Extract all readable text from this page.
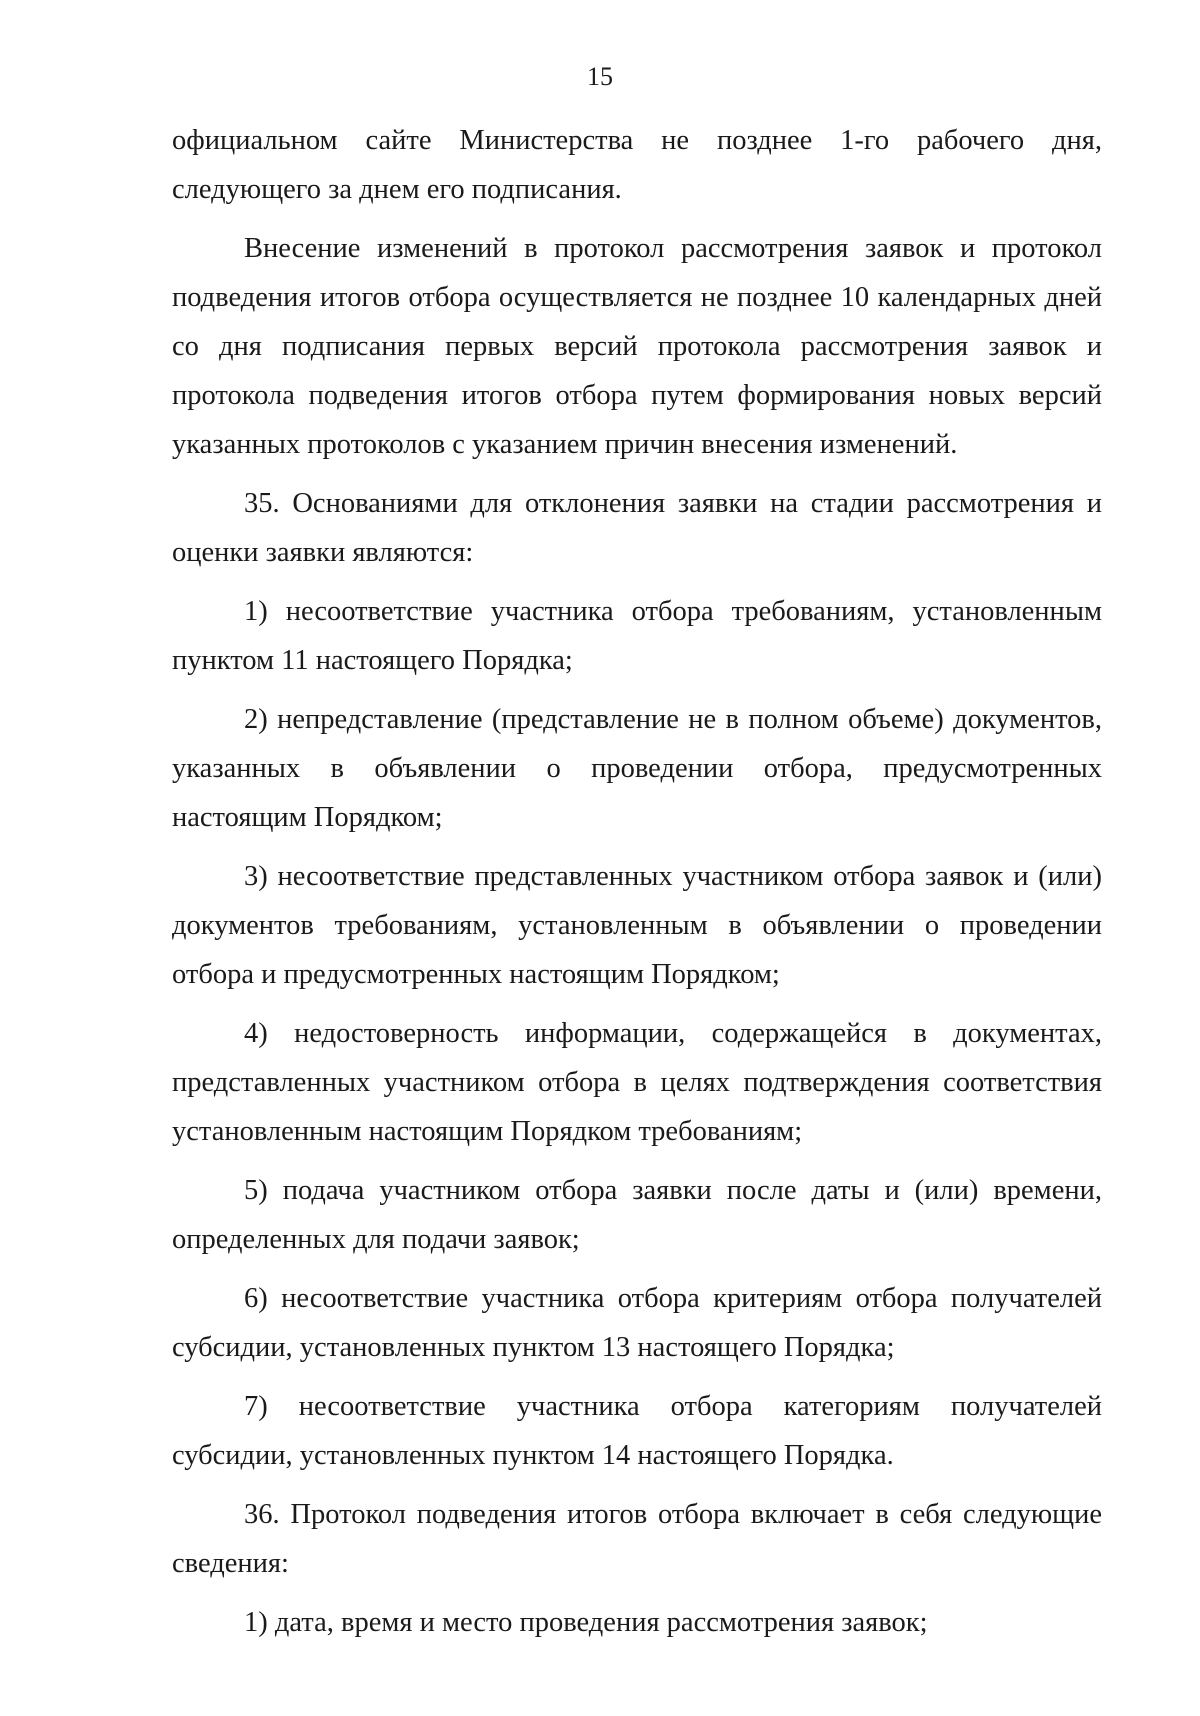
15

официальном сайте Министерства не позднее 1-го рабочего дня, следующего за днем его подписания.

Внесение изменений в протокол рассмотрения заявок и протокол подведения итогов отбора осуществляется не позднее 10 календарных дней со дня подписания первых версий протокола рассмотрения заявок и протокола подведения итогов отбора путем формирования новых версий указанных протоколов с указанием причин внесения изменений.

35. Основаниями для отклонения заявки на стадии рассмотрения и оценки заявки являются:

1) несоответствие участника отбора требованиям, установленным пунктом 11 настоящего Порядка;

2) непредставление (представление не в полном объеме) документов, указанных в объявлении о проведении отбора, предусмотренных настоящим Порядком;

3) несоответствие представленных участником отбора заявок и (или) документов требованиям, установленным в объявлении о проведении отбора и предусмотренных настоящим Порядком;

4) недостоверность информации, содержащейся в документах, представленных участником отбора в целях подтверждения соответствия установленным настоящим Порядком требованиям;

5) подача участником отбора заявки после даты и (или) времени, определенных для подачи заявок;

6) несоответствие участника отбора критериям отбора получателей субсидии, установленных пунктом 13 настоящего Порядка;

7) несоответствие участника отбора категориям получателей субсидии, установленных пунктом 14 настоящего Порядка.

36. Протокол подведения итогов отбора включает в себя следующие сведения:

1) дата, время и место проведения рассмотрения заявок;
